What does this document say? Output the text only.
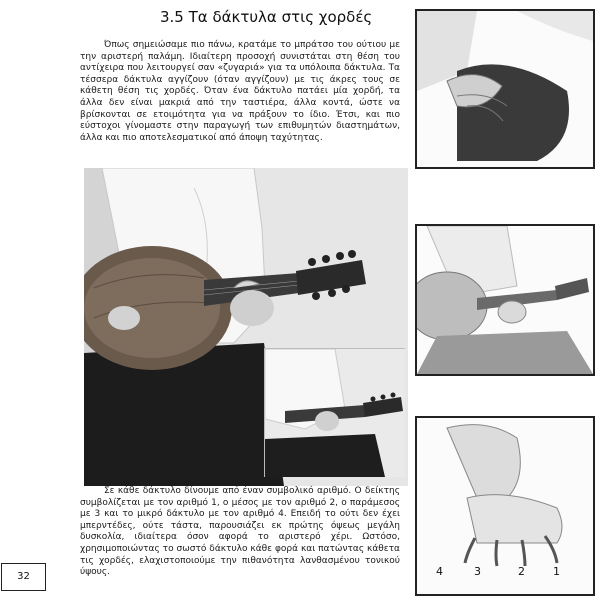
3.5 Τα δάκτυλα στις χορδές
Όπως σημειώσαμε πιο πάνω, κρατάμε το μπράτσο του ούτιου με την αριστερή παλάμη. Ιδιαίτερη προσοχή συνιστάται στη θέση του αντίχειρα που λειτουργεί σαν «ζυγαριά» για τα υπόλοιπα δάκτυλα. Τα τέσσερα δάκτυλα αγγίζουν (όταν αγγίζουν) με τις άκρες τους σε κάθετη θέση τις χορδές. Όταν ένα δάκτυλο πατάει μία χορδή, τα άλλα δεν είναι μακριά από την ταστιέρα, άλλα κοντά, ώστε να βρίσκονται σε ετοιμότητα για να πράξουν το ίδιο. Έτσι, και πιο εύστοχοι γίνομαστε στην παραγωγή των επιθυμητών διαστημάτων, άλλα και πιο αποτελεσματικοί από άποψη ταχύτητας.
Σε κάθε δάκτυλο δίνουμε από έναν συμβολικό αριθμό. Ο δείκτης συμβολίζεται με τον αριθμό 1, ο μέσος με τον αριθμό 2, ο παράμεσος με 3 και το μικρό δάκτυλο με τον αριθμό 4. Επειδή το ούτι δεν έχει μπερντέδες, ούτε τάστα, παρουσιάζει εκ πρώτης όψεως μεγάλη δυσκολία, ιδιαίτερα όσον αφορά το αριστερό χέρι. Ωστόσο, χρησιμοποιώντας το σωστό δάκτυλο κάθε φορά και πατώντας κάθετα τις χορδές, ελαχιστοποιούμε την πιθανότητα λανθασμένου τονικού ύψους.	4	3	2	1
32
